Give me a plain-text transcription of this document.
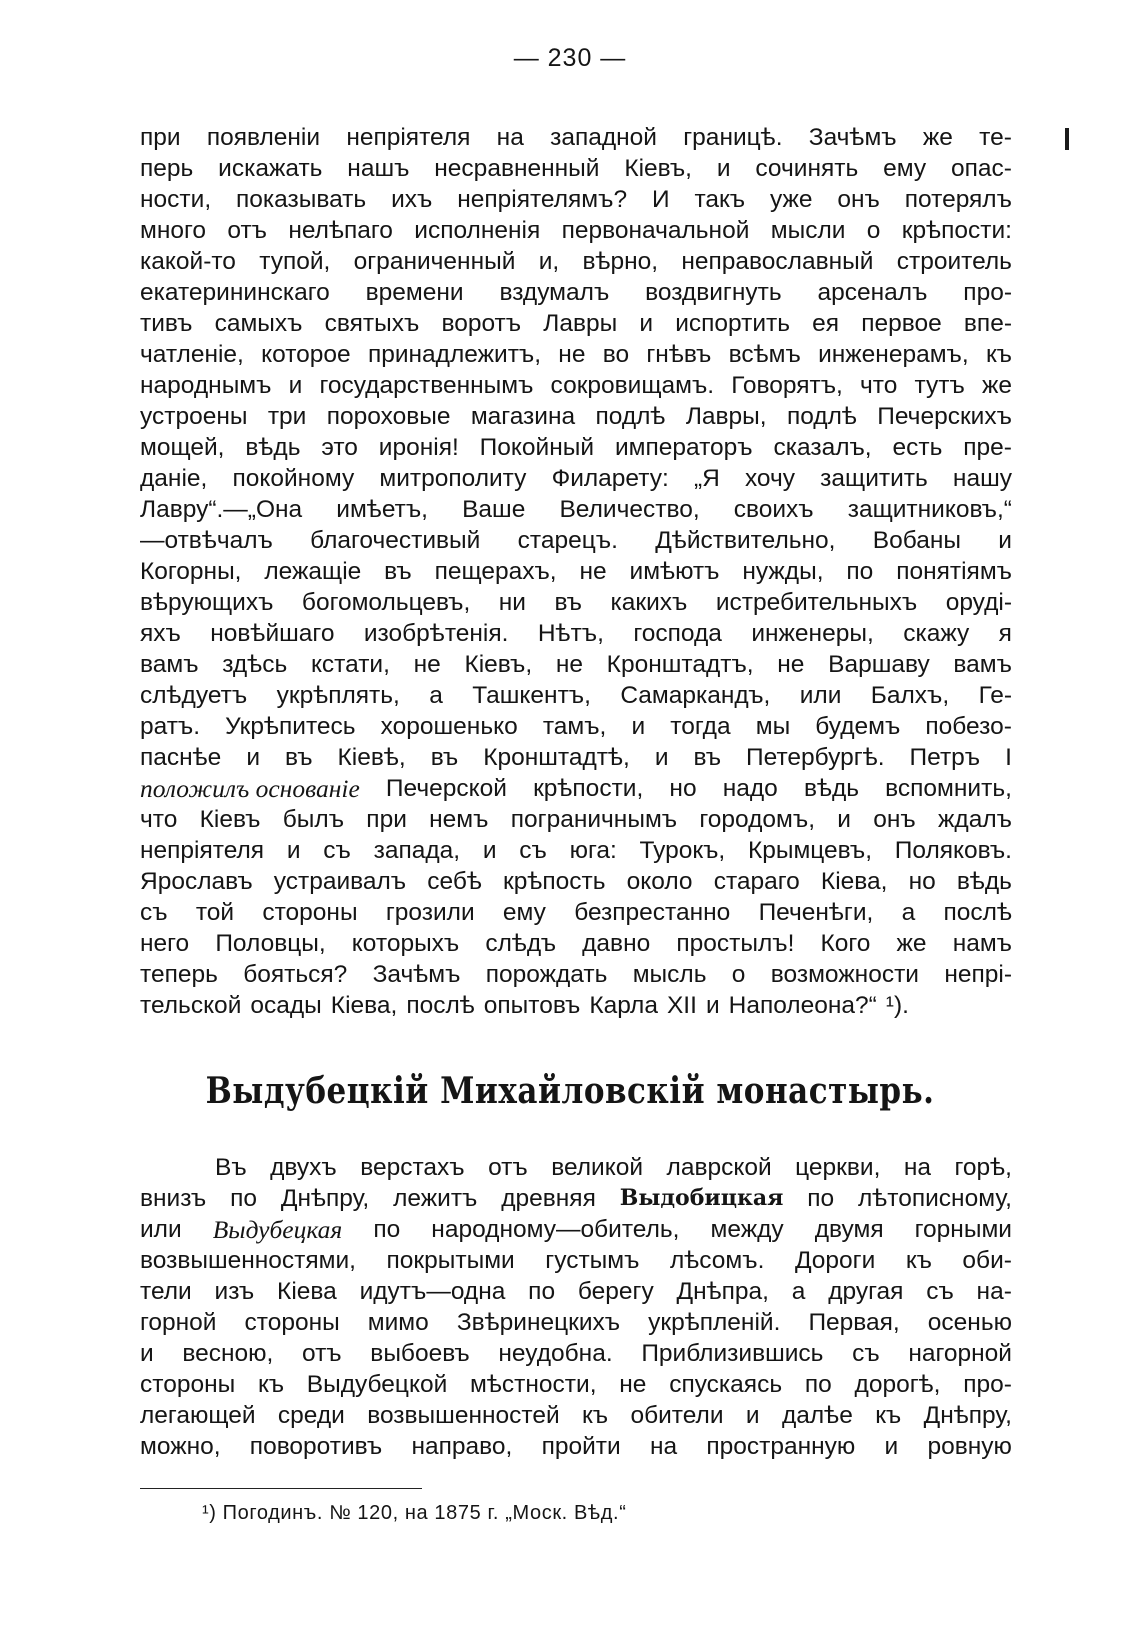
— 230 —
при появленіи непріятеля на западной границѣ. Зачѣмъ же те-
перь искажать нашъ несравненный Кіевъ, и сочинять ему опас-
ности, показывать ихъ непріятелямъ? И такъ уже онъ потерялъ
много отъ нелѣпаго исполненія первоначальной мысли о крѣпости:
какой-то тупой, ограниченный и, вѣрно, неправославный строитель
екатерининскаго времени вздумалъ воздвигнуть арсеналъ про-
тивъ самыхъ святыхъ воротъ Лавры и испортить ея первое впе-
чатленіе, которое принадлежитъ, не во гнѣвъ всѣмъ инженерамъ, къ
народнымъ и государственнымъ сокровищамъ. Говорятъ, что тутъ же
устроены три пороховые магазина подлѣ Лавры, подлѣ Печерскихъ
мощей, вѣдь это иронія! Покойный императоръ сказалъ, есть пре-
даніе, покойному митрополиту Филарету: „Я хочу защитить нашу
Лавру“.—„Она имѣетъ, Ваше Величество, своихъ защитниковъ,“
—отвѣчалъ благочестивый старецъ. Дѣйствительно, Вобаны и
Когорны, лежащіе въ пещерахъ, не имѣютъ нужды, по понятіямъ
вѣрующихъ богомольцевъ, ни въ какихъ истребительныхъ оруді-
яхъ новѣйшаго изобрѣтенія. Нѣтъ, господа инженеры, скажу я
вамъ здѣсь кстати, не Кіевъ, не Кронштадтъ, не Варшаву вамъ
слѣдуетъ укрѣплять, а Ташкентъ, Самаркандъ, или Балхъ, Ге-
ратъ. Укрѣпитесь хорошенько тамъ, и тогда мы будемъ побезо-
паснѣе и въ Кіевѣ, въ Кронштадтѣ, и въ Петербургѣ. Петръ I
положилъ основаніе Печерской крѣпости, но надо вѣдь вспомнить,
что Кіевъ былъ при немъ пограничнымъ городомъ, и онъ ждалъ
непріятеля и съ запада, и съ юга: Турокъ, Крымцевъ, Поляковъ.
Ярославъ устраивалъ себѣ крѣпость около стараго Кіева, но вѣдь
съ той стороны грозили ему безпрестанно Печенѣги, а послѣ
него Половцы, которыхъ слѣдъ давно простылъ! Кого же намъ
теперь бояться? Зачѣмъ порождать мысль о возможности непрі-
тельской осады Кіева, послѣ опытовъ Карла XII и Наполеона?“ ¹).
Выдубецкій Михайловскій монастырь.
Въ двухъ верстахъ отъ великой лаврской церкви, на горѣ,
внизъ по Днѣпру, лежитъ древняя Выдобицкая по лѣтописному,
или Выдубецкая по народному—обитель, между двумя горными
возвышенностями, покрытыми густымъ лѣсомъ. Дороги къ оби-
тели изъ Кіева идутъ—одна по берегу Днѣпра, а другая съ на-
горной стороны мимо Звѣринецкихъ укрѣпленій. Первая, осенью
и весною, отъ выбоевъ неудобна. Приблизившись съ нагорной
стороны къ Выдубецкой мѣстности, не спускаясь по дорогѣ, про-
легающей среди возвышенностей къ обители и далѣе къ Днѣпру,
можно, поворотивъ направо, пройти на пространную и ровную
¹) Погодинъ. № 120, на 1875 г. „Моск. Вѣд.“
